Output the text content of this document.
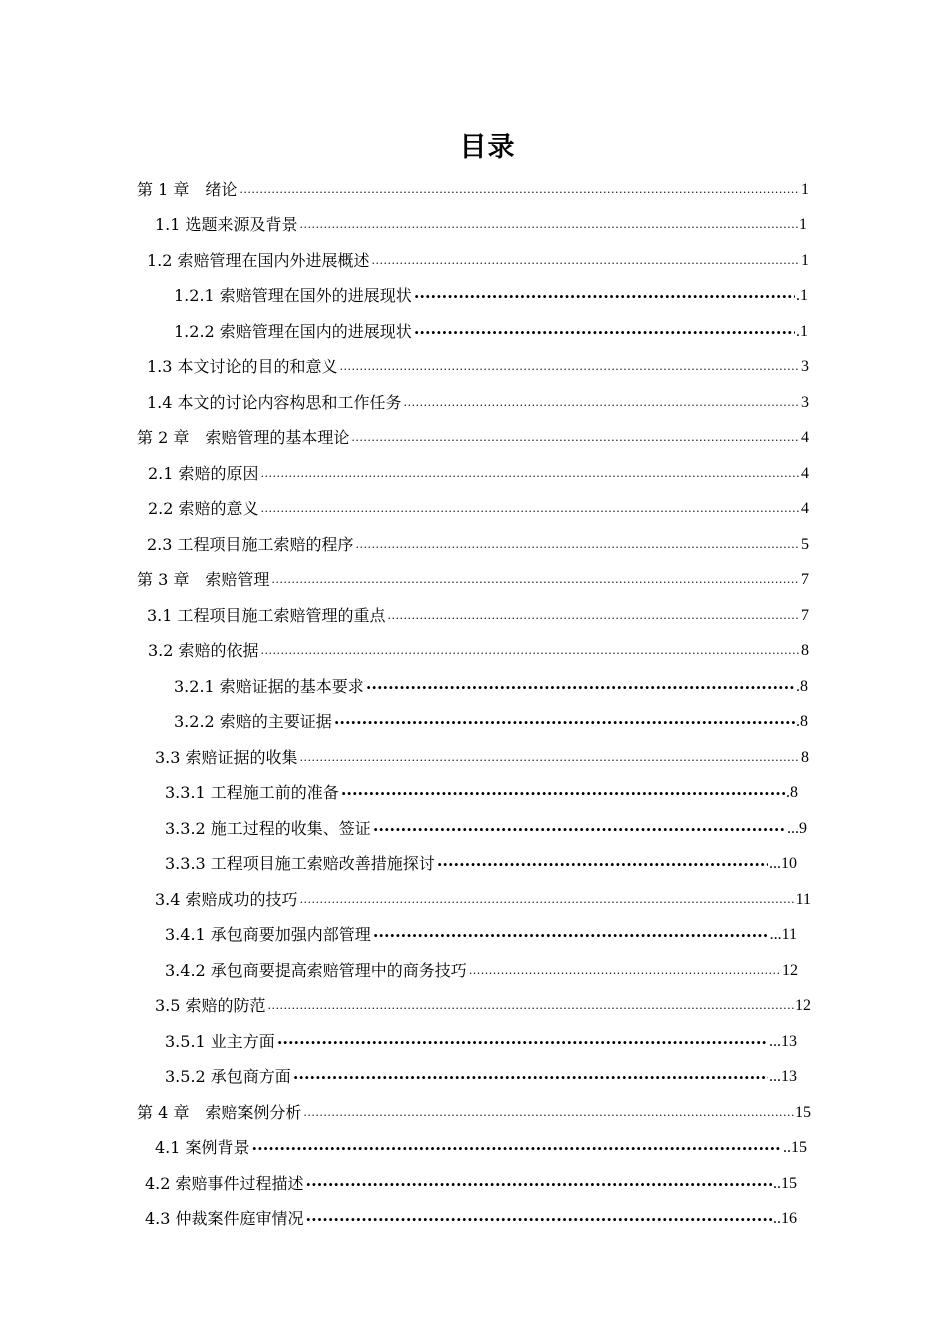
目录
第 1 章　绪论 .....	1
1.1 选题来源及背景 .....	1
1.2 索赔管理在国内外进展概述 .....	1
1.2.1 索赔管理在国外的进展现状 ·····	.1
1.2.2 索赔管理在国内的进展现状 ·····	.1
1.3 本文讨论的目的和意义 .....	3
1.4 本文的讨论内容构思和工作任务 .....	3
第 2 章　索赔管理的基本理论 .....	4
2.1 索赔的原因 .....	4
2.2 索赔的意义 .....	4
2.3 工程项目施工索赔的程序 .....	5
第 3 章　索赔管理 .....	7
3.1 工程项目施工索赔管理的重点 .....	7
3.2 索赔的依据 .....	8
3.2.1 索赔证据的基本要求 ·····	.8
3.2.2 索赔的主要证据 ·····	.8
3.3 索赔证据的收集 .....	8
3.3.1 工程施工前的准备 ·····	.8
3.3.2 施工过程的收集、签证 ·····	...9
3.3.3 工程项目施工索赔改善措施探讨 ·····	...10
3.4 索赔成功的技巧 .....	11
3.4.1 承包商要加强内部管理 ·····	...11
3.4.2 承包商要提高索赔管理中的商务技巧 .....	12
3.5 索赔的防范 .....	12
3.5.1 业主方面 ·····	...13
3.5.2 承包商方面 ·····	...13
第 4 章　索赔案例分析 .....	15
4.1 案例背景 ·····	..15
4.2 索赔事件过程描述 ·····	..15
4.3 仲裁案件庭审情况 ·····	..16
